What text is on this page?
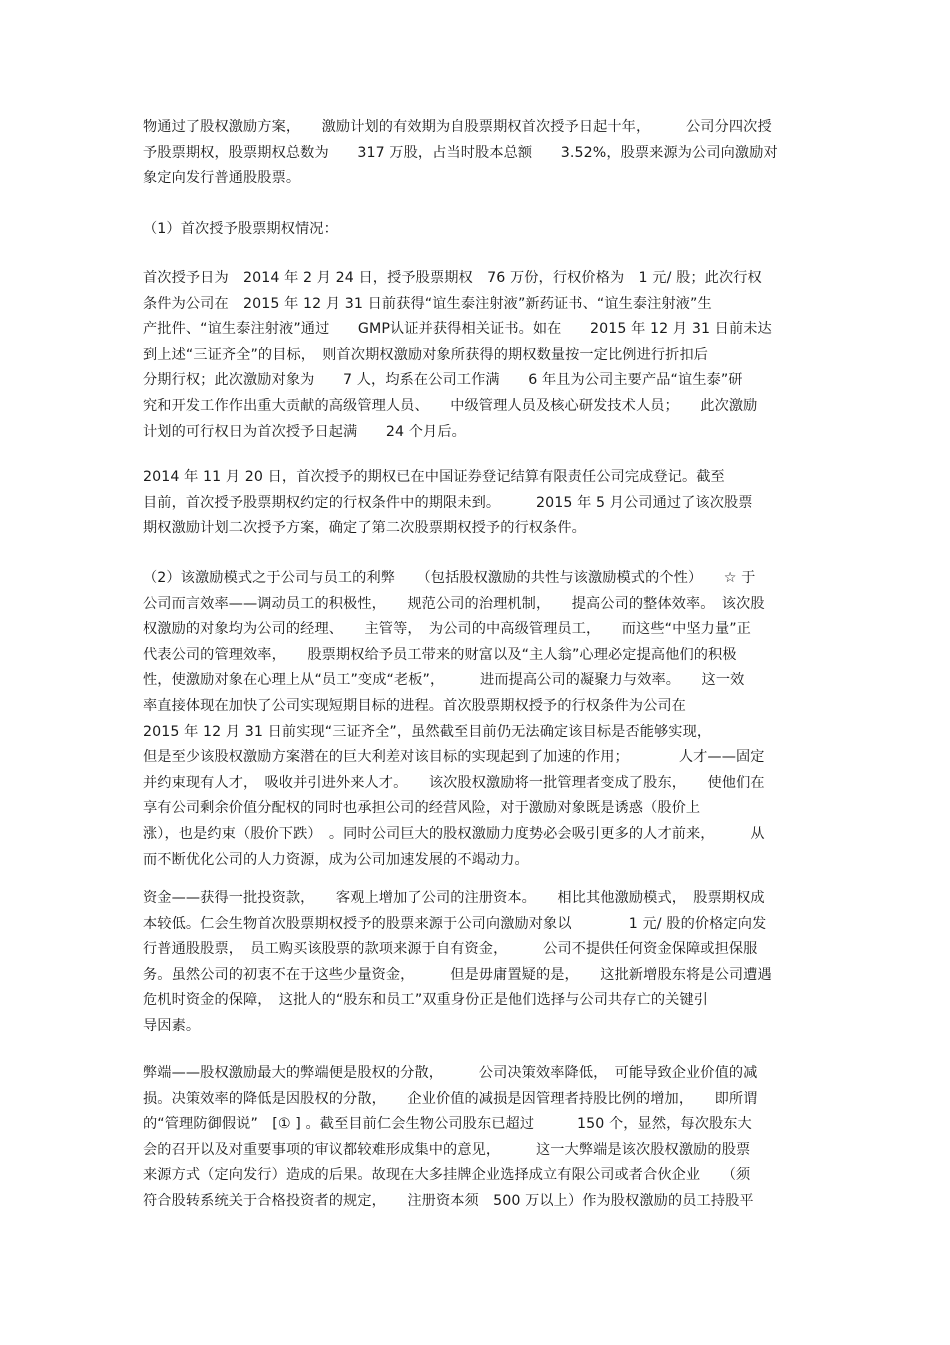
物通过了股权激励方案，　　激励计划的有效期为自股票期权首次授予日起十年，　　　公司分四次授
予股票期权，股票期权总数为　　317 万股，占当时股本总额　　3.52%，股票来源为公司向激励对
象定向发行普通股股票。
（1）首次授予股票期权情况：
首次授予日为　2014 年 2 月 24 日，授予股票期权　76 万份，行权价格为　1 元/ 股；此次行权
条件为公司在　2015 年 12 月 31 日前获得“谊生泰注射液”新药证书、“谊生泰注射液”生
产批件、“谊生泰注射液”通过　　GMP认证并获得相关证书。如在　　2015 年 12 月 31 日前未达
到上述“三证齐全”的目标，　则首次期权激励对象所获得的期权数量按一定比例进行折扣后
分期行权；此次激励对象为　　7 人，均系在公司工作满　　6 年且为公司主要产品“谊生泰”研
究和开发工作作出重大贡献的高级管理人员、　　中级管理人员及核心研发技术人员；　　此次激励
计划的可行权日为首次授予日起满　　24 个月后。
2014 年 11 月 20 日，首次授予的期权已在中国证券登记结算有限责任公司完成登记。截至
目前，首次授予股票期权约定的行权条件中的期限未到。　　　2015 年 5 月公司通过了该次股票
期权激励计划二次授予方案，确定了第二次股票期权授予的行权条件。
（2）该激励模式之于公司与员工的利弊　　（包括股权激励的共性与该激励模式的个性）　　☆ 于
公司而言效率——调动员工的积极性，　　规范公司的治理机制，　　提高公司的整体效率。　该次股
权激励的对象均为公司的经理、　　主管等，　为公司的中高级管理员工，　　而这些“中坚力量”正
代表公司的管理效率，　　股票期权给予员工带来的财富以及“主人翁”心理必定提高他们的积极
性，使激励对象在心理上从“员工”变成“老板”，　　　进而提高公司的凝聚力与效率。　　这一效
率直接体现在加快了公司实现短期目标的进程。首次股票期权授予的行权条件为公司在
2015 年 12 月 31 日前实现“三证齐全”，虽然截至目前仍无法确定该目标是否能够实现，
但是至少该股权激励方案潜在的巨大利差对该目标的实现起到了加速的作用；　　　　人才——固定
并约束现有人才，　吸收并引进外来人才。　　该次股权激励将一批管理者变成了股东，　　使他们在
享有公司剩余价值分配权的同时也承担公司的经营风险，对于激励对象既是诱惑（股价上
涨），也是约束（股价下跌）　。同时公司巨大的股权激励力度势必会吸引更多的人才前来，　　　从
而不断优化公司的人力资源，成为公司加速发展的不竭动力。
资金——获得一批投资款，　　客观上增加了公司的注册资本。　　相比其他激励模式，　股票期权成
本较低。仁会生物首次股票期权授予的股票来源于公司向激励对象以　　　　1 元/ 股的价格定向发
行普通股股票，　员工购买该股票的款项来源于自有资金，　　　公司不提供任何资金保障或担保服
务。虽然公司的初衷不在于这些少量资金，　　　但是毋庸置疑的是，　　这批新增股东将是公司遭遇
危机时资金的保障，　这批人的“股东和员工”双重身份正是他们选择与公司共存亡的关键引
导因素。
弊端——股权激励最大的弊端便是股权的分散，　　　公司决策效率降低，　可能导致企业价值的减
损。决策效率的降低是因股权的分散，　　企业价值的减损是因管理者持股比例的增加，　　即所谓
的“管理防御假说”　[① ] 。截至目前仁会生物公司股东已超过　　　150 个，显然，每次股东大
会的召开以及对重要事项的审议都较难形成集中的意见，　　　这一大弊端是该次股权激励的股票
来源方式（定向发行）造成的后果。故现在大多挂牌企业选择成立有限公司或者合伙企业　　（须
符合股转系统关于合格投资者的规定，　　注册资本须　500 万以上）作为股权激励的员工持股平
